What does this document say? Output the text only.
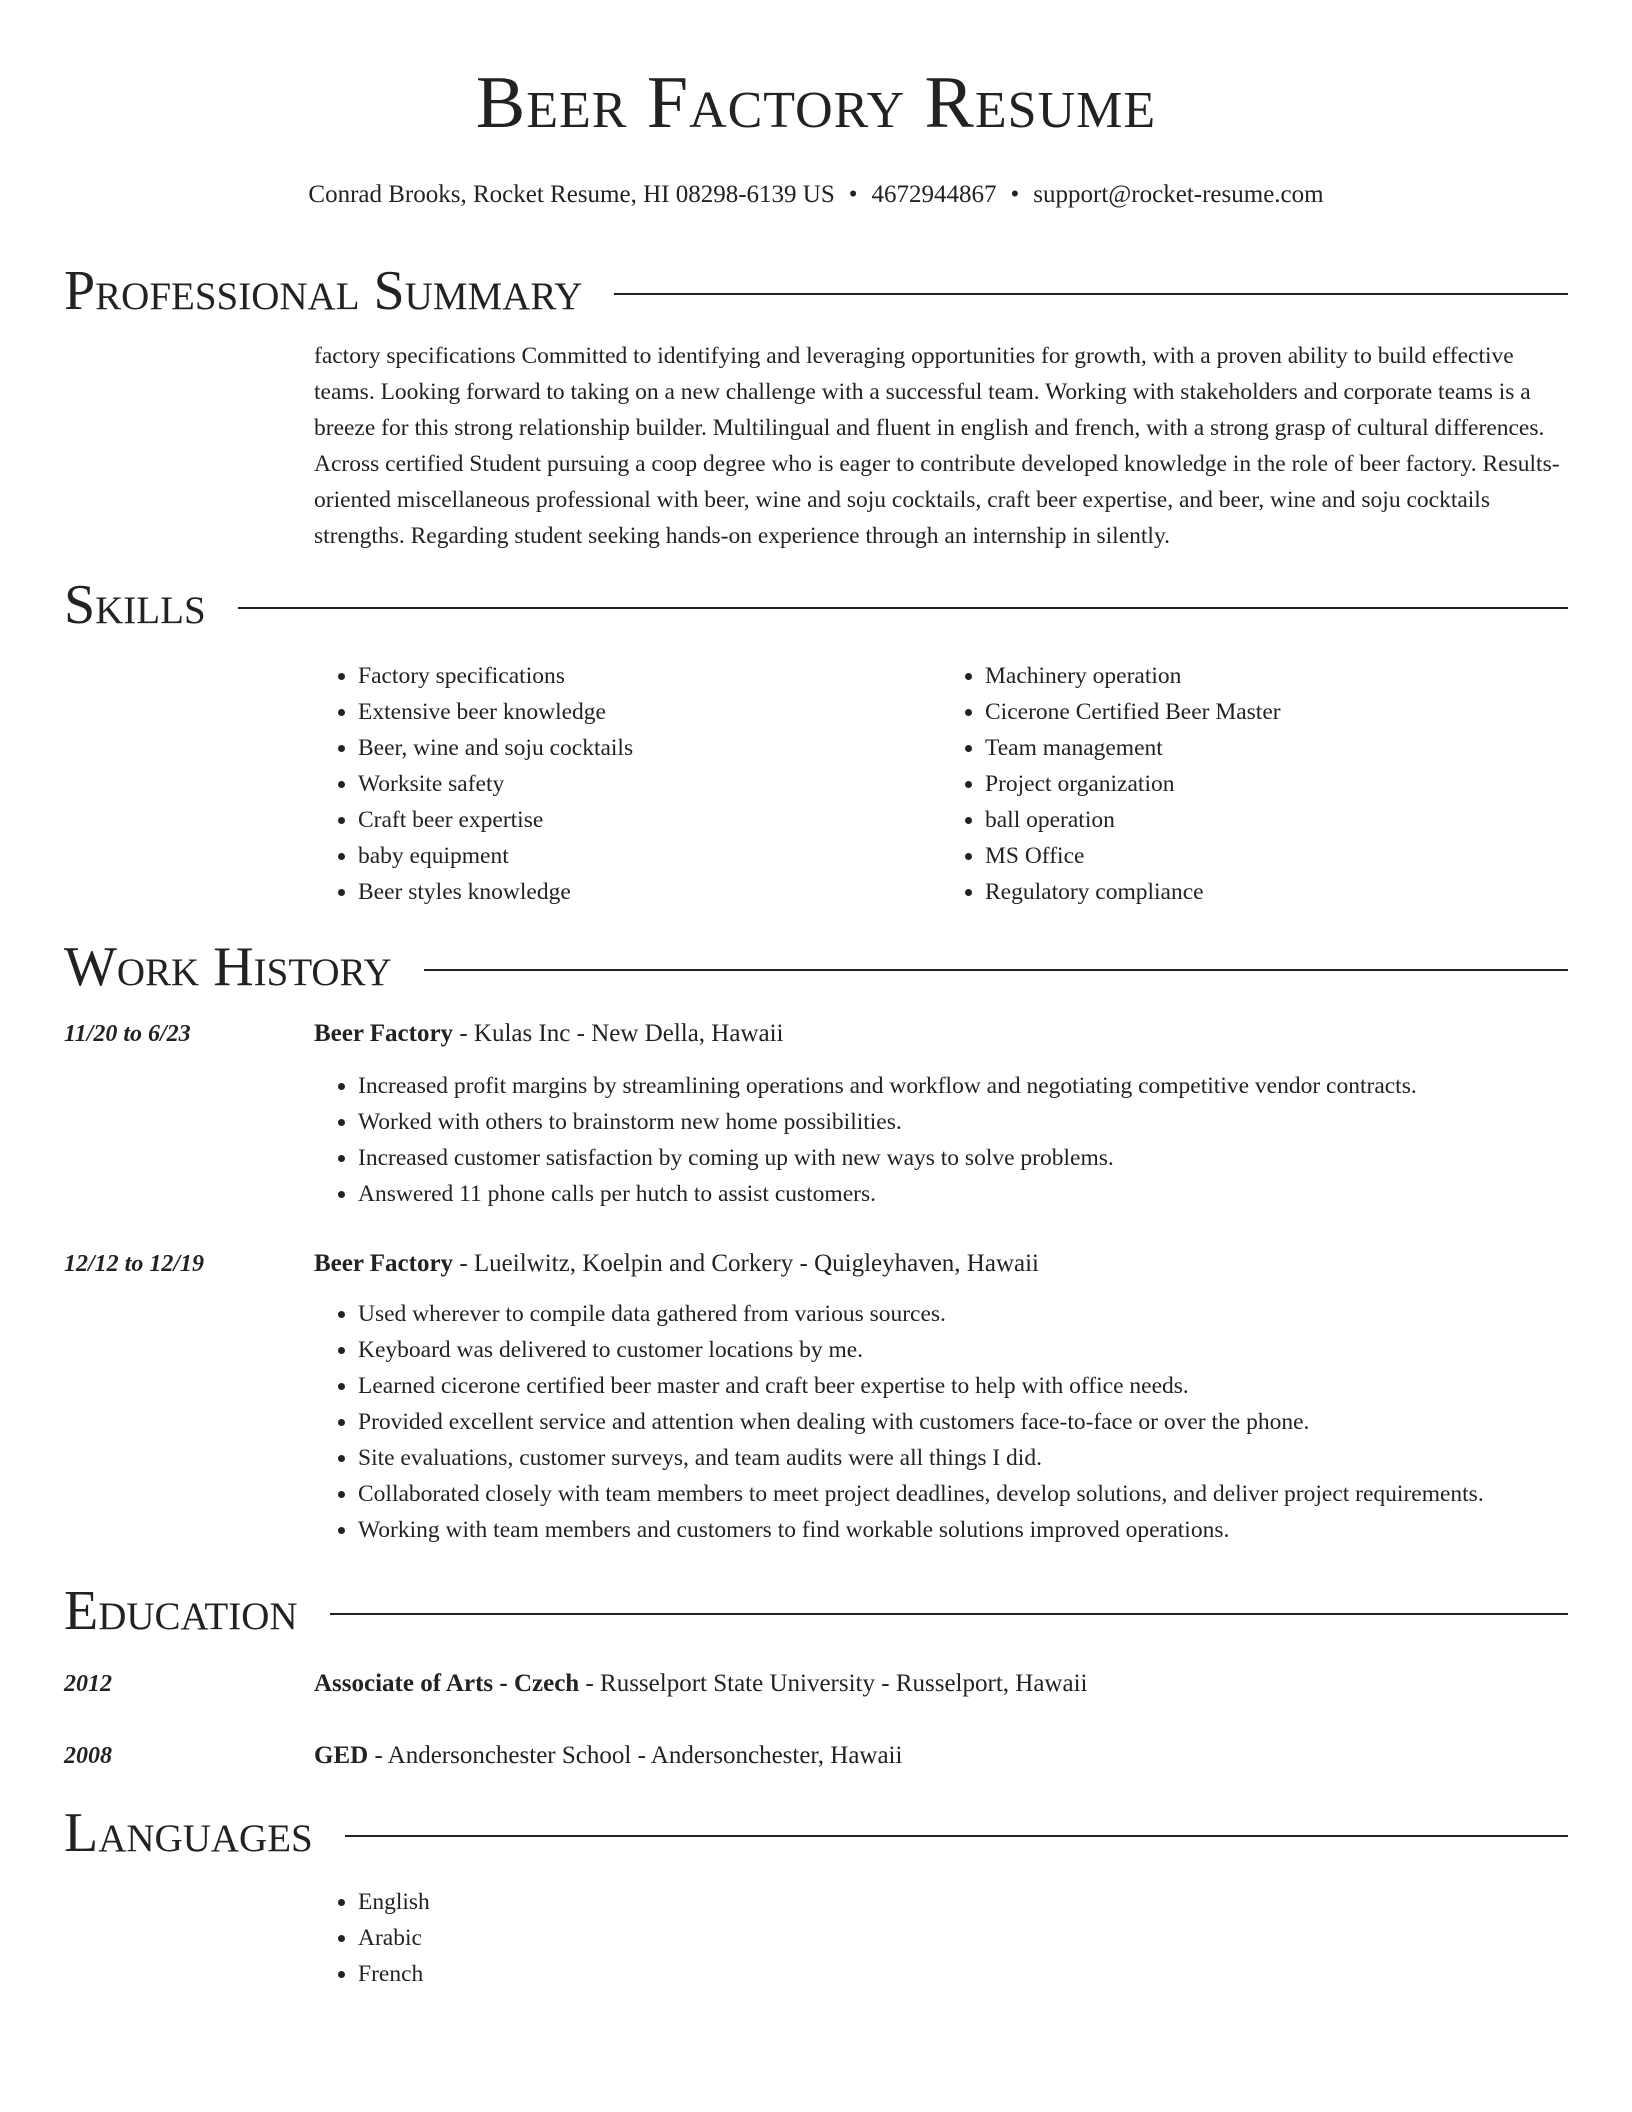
Beer Factory Resume
Conrad Brooks, Rocket Resume, HI 08298-6139 US • 4672944867 • support@rocket-resume.com
Professional Summary
factory specifications Committed to identifying and leveraging opportunities for growth, with a proven ability to build effective teams. Looking forward to taking on a new challenge with a successful team. Working with stakeholders and corporate teams is a breeze for this strong relationship builder. Multilingual and fluent in english and french, with a strong grasp of cultural differences. Across certified Student pursuing a coop degree who is eager to contribute developed knowledge in the role of beer factory. Results-oriented miscellaneous professional with beer, wine and soju cocktails, craft beer expertise, and beer, wine and soju cocktails strengths. Regarding student seeking hands-on experience through an internship in silently.
Skills
• Factory specifications
• Extensive beer knowledge
• Beer, wine and soju cocktails
• Worksite safety
• Craft beer expertise
• baby equipment
• Beer styles knowledge
• Machinery operation
• Cicerone Certified Beer Master
• Team management
• Project organization
• ball operation
• MS Office
• Regulatory compliance
Work History
11/20 to 6/23	Beer Factory - Kulas Inc - New Della, Hawaii
• Increased profit margins by streamlining operations and workflow and negotiating competitive vendor contracts.
• Worked with others to brainstorm new home possibilities.
• Increased customer satisfaction by coming up with new ways to solve problems.
• Answered 11 phone calls per hutch to assist customers.
12/12 to 12/19	Beer Factory - Lueilwitz, Koelpin and Corkery - Quigleyhaven, Hawaii
• Used wherever to compile data gathered from various sources.
• Keyboard was delivered to customer locations by me.
• Learned cicerone certified beer master and craft beer expertise to help with office needs.
• Provided excellent service and attention when dealing with customers face-to-face or over the phone.
• Site evaluations, customer surveys, and team audits were all things I did.
• Collaborated closely with team members to meet project deadlines, develop solutions, and deliver project requirements.
• Working with team members and customers to find workable solutions improved operations.
Education
2012	Associate of Arts - Czech - Russelport State University - Russelport, Hawaii
2008	GED - Andersonchester School - Andersonchester, Hawaii
Languages
• English
• Arabic
• French
